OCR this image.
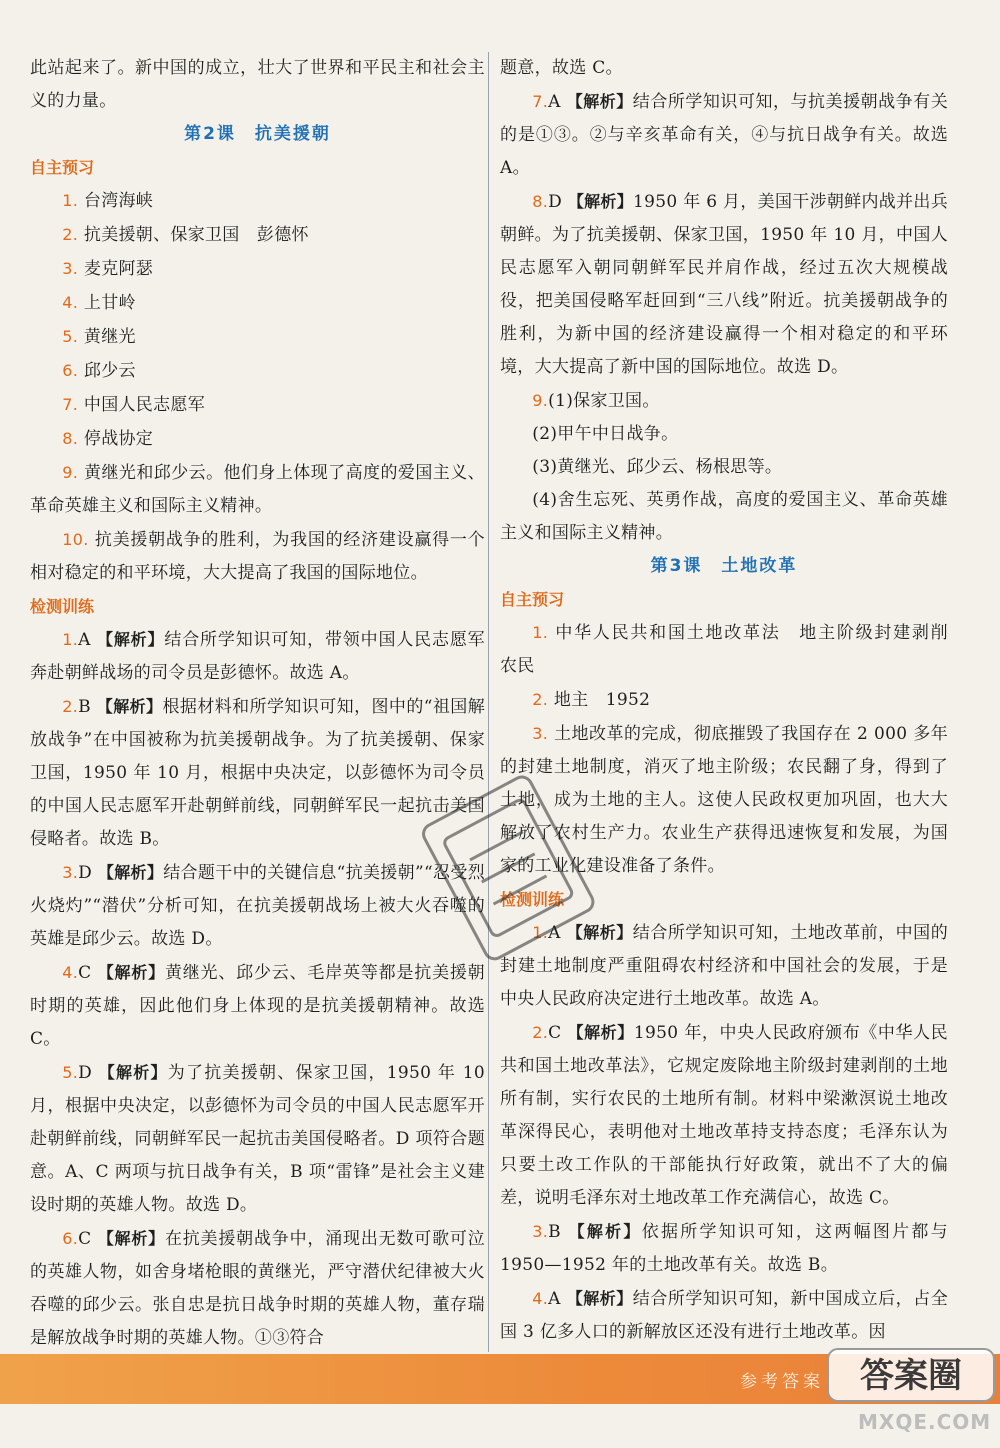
此站起来了。新中国的成立，壮大了世界和平民主和社会主义的力量。

第2课　抗美援朝

自主预习

1. 台湾海峡

2. 抗美援朝、保家卫国　彭德怀

3. 麦克阿瑟

4. 上甘岭

5. 黄继光

6. 邱少云

7. 中国人民志愿军

8. 停战协定

9. 黄继光和邱少云。他们身上体现了高度的爱国主义、革命英雄主义和国际主义精神。

10. 抗美援朝战争的胜利，为我国的经济建设赢得一个相对稳定的和平环境，大大提高了我国的国际地位。

检测训练

1.A 【解析】结合所学知识可知，带领中国人民志愿军奔赴朝鲜战场的司令员是彭德怀。故选 A。

2.B 【解析】根据材料和所学知识可知，图中的“祖国解放战争”在中国被称为抗美援朝战争。为了抗美援朝、保家卫国，1950 年 10 月，根据中央决定，以彭德怀为司令员的中国人民志愿军开赴朝鲜前线，同朝鲜军民一起抗击美国侵略者。故选 B。

3.D 【解析】结合题干中的关键信息“抗美援朝”“忍受烈火烧灼”“潜伏”分析可知，在抗美援朝战场上被大火吞噬的英雄是邱少云。故选 D。

4.C 【解析】黄继光、邱少云、毛岸英等都是抗美援朝时期的英雄，因此他们身上体现的是抗美援朝精神。故选 C。

5.D 【解析】为了抗美援朝、保家卫国，1950 年 10 月，根据中央决定，以彭德怀为司令员的中国人民志愿军开赴朝鲜前线，同朝鲜军民一起抗击美国侵略者。D 项符合题意。A、C 两项与抗日战争有关，B 项“雷锋”是社会主义建设时期的英雄人物。故选 D。

6.C 【解析】在抗美援朝战争中，涌现出无数可歌可泣的英雄人物，如舍身堵枪眼的黄继光，严守潜伏纪律被大火吞噬的邱少云。张自忠是抗日战争时期的英雄人物，董存瑞是解放战争时期的英雄人物。①③符合

题意，故选 C。

7.A 【解析】结合所学知识可知，与抗美援朝战争有关的是①③。②与辛亥革命有关，④与抗日战争有关。故选 A。

8.D 【解析】1950 年 6 月，美国干涉朝鲜内战并出兵朝鲜。为了抗美援朝、保家卫国，1950 年 10 月，中国人民志愿军入朝同朝鲜军民并肩作战，经过五次大规模战役，把美国侵略军赶回到“三八线”附近。抗美援朝战争的胜利，为新中国的经济建设赢得一个相对稳定的和平环境，大大提高了新中国的国际地位。故选 D。

9.(1)保家卫国。

(2)甲午中日战争。

(3)黄继光、邱少云、杨根思等。

(4)舍生忘死、英勇作战，高度的爱国主义、革命英雄主义和国际主义精神。

第3课　土地改革

自主预习

1. 中华人民共和国土地改革法　地主阶级封建剥削　农民

2. 地主　1952

3. 土地改革的完成，彻底摧毁了我国存在 2 000 多年的封建土地制度，消灭了地主阶级；农民翻了身，得到了土地，成为土地的主人。这使人民政权更加巩固，也大大解放了农村生产力。农业生产获得迅速恢复和发展，为国家的工业化建设准备了条件。

检测训练

1.A 【解析】结合所学知识可知，土地改革前，中国的封建土地制度严重阻碍农村经济和中国社会的发展，于是中央人民政府决定进行土地改革。故选 A。

2.C 【解析】1950 年，中央人民政府颁布《中华人民共和国土地改革法》，它规定废除地主阶级封建剥削的土地所有制，实行农民的土地所有制。材料中梁漱溟说土地改革深得民心，表明他对土地改革持支持态度；毛泽东认为只要土改工作队的干部能执行好政策，就出不了大的偏差，说明毛泽东对土地改革工作充满信心，故选 C。

3.B 【解析】依据所学知识可知，这两幅图片都与 1950—1952 年的土地改革有关。故选 B。

4.A 【解析】结合所学知识可知，新中国成立后，占全国 3 亿多人口的新解放区还没有进行土地改革。因

参考答案 答案圈
MXQE.COM
